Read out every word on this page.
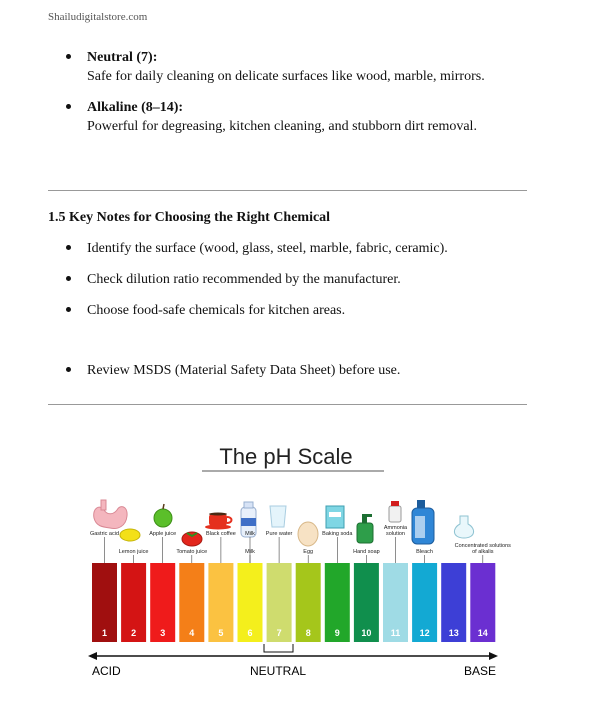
Shailudigitalstore.com
Neutral (7):
Safe for daily cleaning on delicate surfaces like wood, marble, mirrors.
Alkaline (8–14):
Powerful for degreasing, kitchen cleaning, and stubborn dirt removal.
1.5 Key Notes for Choosing the Right Chemical
Identify the surface (wood, glass, steel, marble, fabric, ceramic).
Check dilution ratio recommended by the manufacturer.
Choose food-safe chemicals for kitchen areas.
Review MSDS (Material Safety Data Sheet) before use.
The pH Scale
Gastric acid	Apple juice	Black coffee Milk Pure water	Baking soda
Ammonia
solution
Lemon juice	Tomato juice	Milk	Egg	Hand soap	Bleach
Concentrated solutions
of alkalis
1	2	3	4	5	6	7	8	9 10 11 12 13 14
ACID	NEUTRAL	BASE
